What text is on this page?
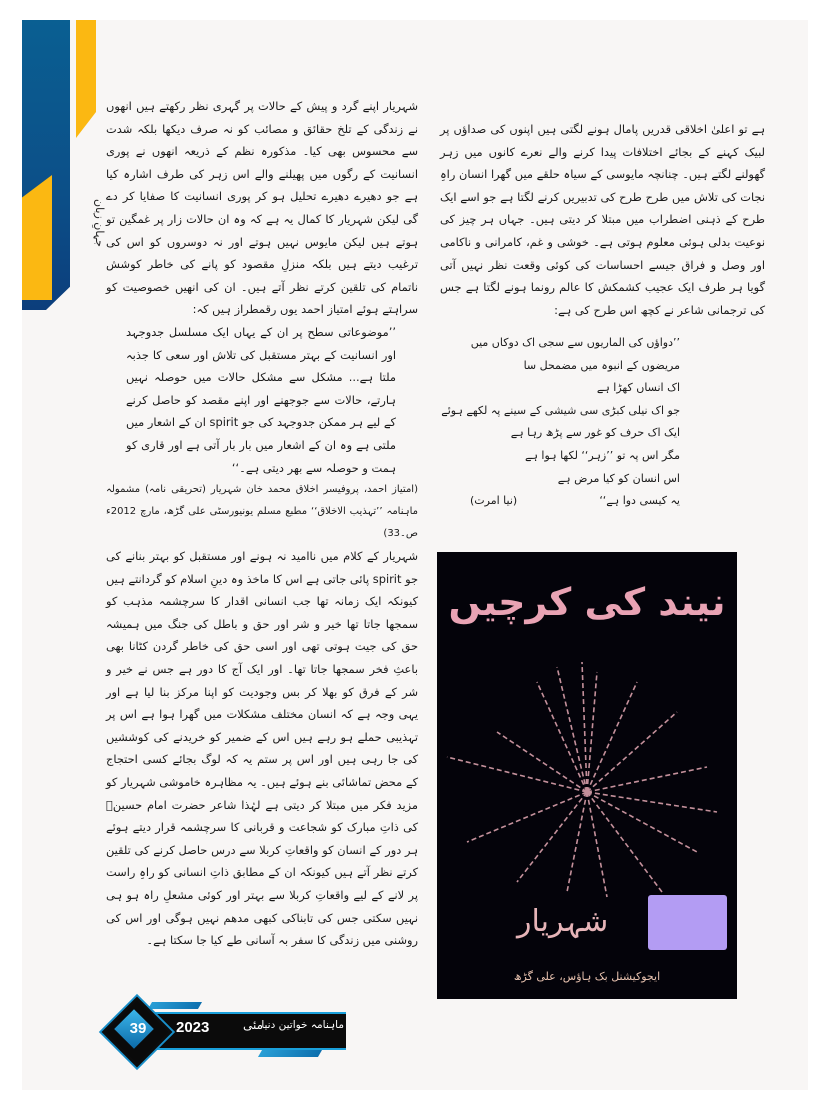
جہانِ زبان

ہے تو اعلیٰ اخلاقی قدریں پامال ہونے لگتی ہیں اپنوں کی صداؤں پر لبیک کہنے کے بجائے اختلافات پیدا کرنے والے نعرے کانوں میں زہر گھولنے لگتے ہیں۔ چنانچہ مایوسی کے سیاہ حلقے میں گھرا انسان راہِ نجات کی تلاش میں طرح طرح کی تدبیریں کرنے لگتا ہے جو اسے ایک طرح کے ذہنی اضطراب میں مبتلا کر دیتی ہیں۔ جہاں ہر چیز کی نوعیت بدلی ہوئی معلوم ہوتی ہے۔ خوشی و غم، کامرانی و ناکامی اور وصل و فراق جیسے احساسات کی کوئی وقعت نظر نہیں آتی گویا ہر طرف ایک عجیب کشمکش کا عالم رونما ہونے لگتا ہے جس کی ترجمانی شاعر نے کچھ اس طرح کی ہے:

’’دواؤں کی الماریوں سے سجی اک دوکاں میں
مریضوں کے انبوہ میں مضمحل سا
اک انساں کھڑا ہے
جو اک نیلی کبڑی سی شیشی کے سینے پہ لکھے ہوئے
ایک اک حرف کو غور سے پڑھ رہا ہے
مگر اس پہ تو ’’زہر‘‘ لکھا ہوا ہے
اس انسان کو کیا مرض ہے
یہ کیسی دوا ہے‘‘
(نیا امرت)
نیند کی کرچیں
شہریار
ایجوکیشنل بک ہاؤس، علی گڑھ

شہریار اپنے گرد و پیش کے حالات پر گہری نظر رکھتے ہیں انھوں نے زندگی کے تلخ حقائق و مصائب کو نہ صرف دیکھا بلکہ شدت سے محسوس بھی کیا۔ مذکورہ نظم کے ذریعہ انھوں نے پوری انسانیت کے رگوں میں پھیلنے والے اس زہر کی طرف اشارہ کیا ہے جو دھیرے دھیرے تحلیل ہو کر پوری انسانیت کا صفایا کر دے گی لیکن شہریار کا کمال یہ ہے کہ وہ ان حالات زار پر غمگین تو ہوتے ہیں لیکن مایوس نہیں ہوتے اور نہ دوسروں کو اس کی ترغیب دیتے ہیں بلکہ منزلِ مقصود کو پانے کی خاطر کوشش ناتمام کی تلقین کرتے نظر آتے ہیں۔ ان کی انھیں خصوصیت کو سراہتے ہوئے امتیاز احمد یوں رقمطراز ہیں کہ:

’’موضوعاتی سطح پر ان کے یہاں ایک مسلسل جدوجہد اور انسانیت کے بہتر مستقبل کی تلاش اور سعی کا جذبہ ملتا ہے... مشکل سے مشکل حالات میں حوصلہ نہیں ہارتے، حالات سے جوجھنے اور اپنے مقصد کو حاصل کرنے کے لیے ہر ممکن جدوجہد کی جو spirit ان کے اشعار میں ملتی ہے وہ ان کے اشعار میں بار بار آتی ہے اور قاری کو ہمت و حوصلہ سے بھر دیتی ہے۔‘‘

(امتیاز احمد، پروفیسر اخلاق محمد خان شہریار (تحریقی نامہ) مشمولہ ماہنامہ ’’تہذیب الاخلاق‘‘ مطبع مسلم یونیورسٹی علی گڑھ، مارچ 2012ء ص۔33)

شہریار کے کلام میں ناامید نہ ہونے اور مستقبل کو بہتر بنانے کی جو spirit پائی جاتی ہے اس کا ماخذ وہ دینِ اسلام کو گردانتے ہیں کیونکہ ایک زمانہ تھا جب انسانی اقدار کا سرچشمہ مذہب کو سمجھا جاتا تھا خیر و شر اور حق و باطل کی جنگ میں ہمیشہ حق کی جیت ہوتی تھی اور اسی حق کی خاطر گردن کٹانا بھی باعثِ فخر سمجھا جاتا تھا۔ اور ایک آج کا دور ہے جس نے خیر و شر کے فرق کو بھلا کر بس وجودیت کو اپنا مرکز بنا لیا ہے اور یہی وجہ ہے کہ انسان مختلف مشکلات میں گھرا ہوا ہے اس پر تہذیبی حملے ہو رہے ہیں اس کے ضمیر کو خریدنے کی کوششیں کی جا رہی ہیں اور اس پر ستم یہ کہ لوگ بجائے کسی احتجاج کے محض تماشائی بنے ہوئے ہیں۔ یہ مظاہرہ خاموشی شہریار کو مزید فکر میں مبتلا کر دیتی ہے لہٰذا شاعر حضرت امام حسینؓ کی ذاتِ مبارک کو شجاعت و قربانی کا سرچشمہ قرار دیتے ہوئے ہر دور کے انسان کو واقعاتِ کربلا سے درس حاصل کرنے کی تلقین کرتے نظر آتے ہیں کیونکہ ان کے مطابق ذاتِ انسانی کو راہِ راست پر لانے کے لیے واقعاتِ کربلا سے بہتر اور کوئی مشعلِ راہ ہو ہی نہیں سکتی جس کی تابناکی کبھی مدھم نہیں ہوگی اور اس کی روشنی میں زندگی کا سفر بہ آسانی طے کیا جا سکتا ہے۔

39	2023	مئی
ماہنامہ خواتین دنیا
